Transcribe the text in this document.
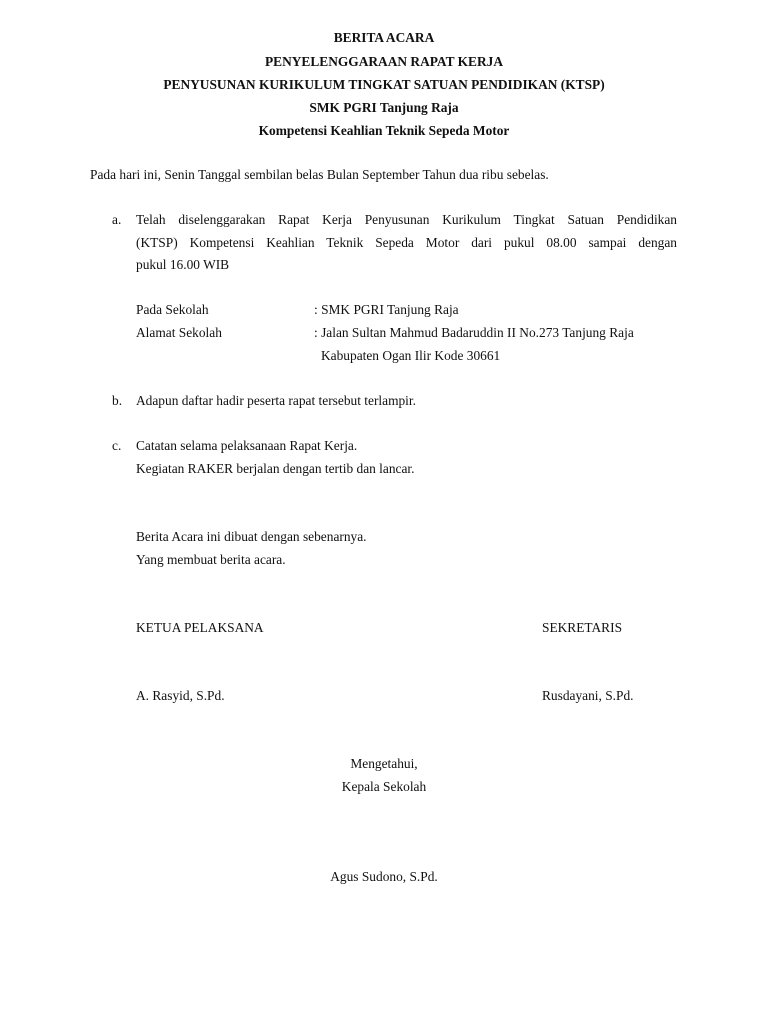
BERITA ACARA
PENYELENGGARAAN RAPAT KERJA
PENYUSUNAN KURIKULUM TINGKAT SATUAN PENDIDIKAN (KTSP)
SMK PGRI Tanjung Raja
Kompetensi Keahlian Teknik Sepeda Motor
Pada hari ini, Senin Tanggal sembilan belas Bulan September Tahun dua ribu sebelas.
a. Telah diselenggarakan Rapat Kerja Penyusunan Kurikulum Tingkat Satuan Pendidikan
(KTSP) Kompetensi Keahlian Teknik Sepeda Motor dari pukul 08.00 sampai dengan
pukul 16.00 WIB
Pada Sekolah	: SMK PGRI Tanjung Raja
Alamat Sekolah	: Jalan Sultan Mahmud Badaruddin II No.273 Tanjung Raja
Kabupaten Ogan Ilir Kode 30661
b. Adapun daftar hadir peserta rapat tersebut terlampir.
c. Catatan selama pelaksanaan Rapat Kerja.
Kegiatan RAKER berjalan dengan tertib dan lancar.
Berita Acara ini dibuat dengan sebenarnya.
Yang membuat berita acara.
KETUA PELAKSANA	SEKRETARIS
A. Rasyid, S.Pd.	Rusdayani, S.Pd.
Mengetahui,
Kepala Sekolah
Agus Sudono, S.Pd.
